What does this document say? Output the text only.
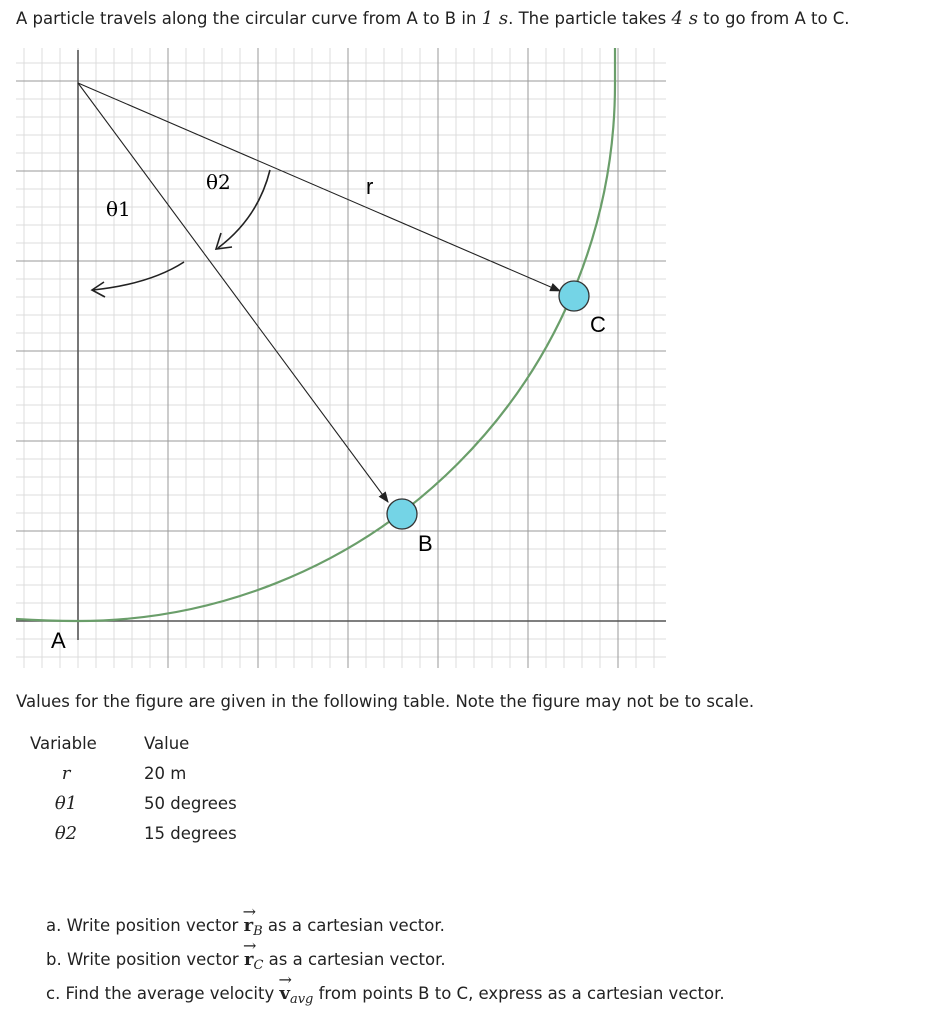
A particle travels along the circular curve from A to B in 1 s. The particle takes 4 s to go from A to C.
A
B
C
r
θ1
θ2
Values for the figure are given in the following table. Note the figure may not be to scale.
Variable	Value
r	20 m
θ1	50 degrees
θ2	15 degrees
a. Write position vector → $r_B$ as a cartesian vector.
b. Write position vector → $r_C$ as a cartesian vector.
c. Find the average velocity → $v_{avg}$ from points B to C, express as a cartesian vector.
